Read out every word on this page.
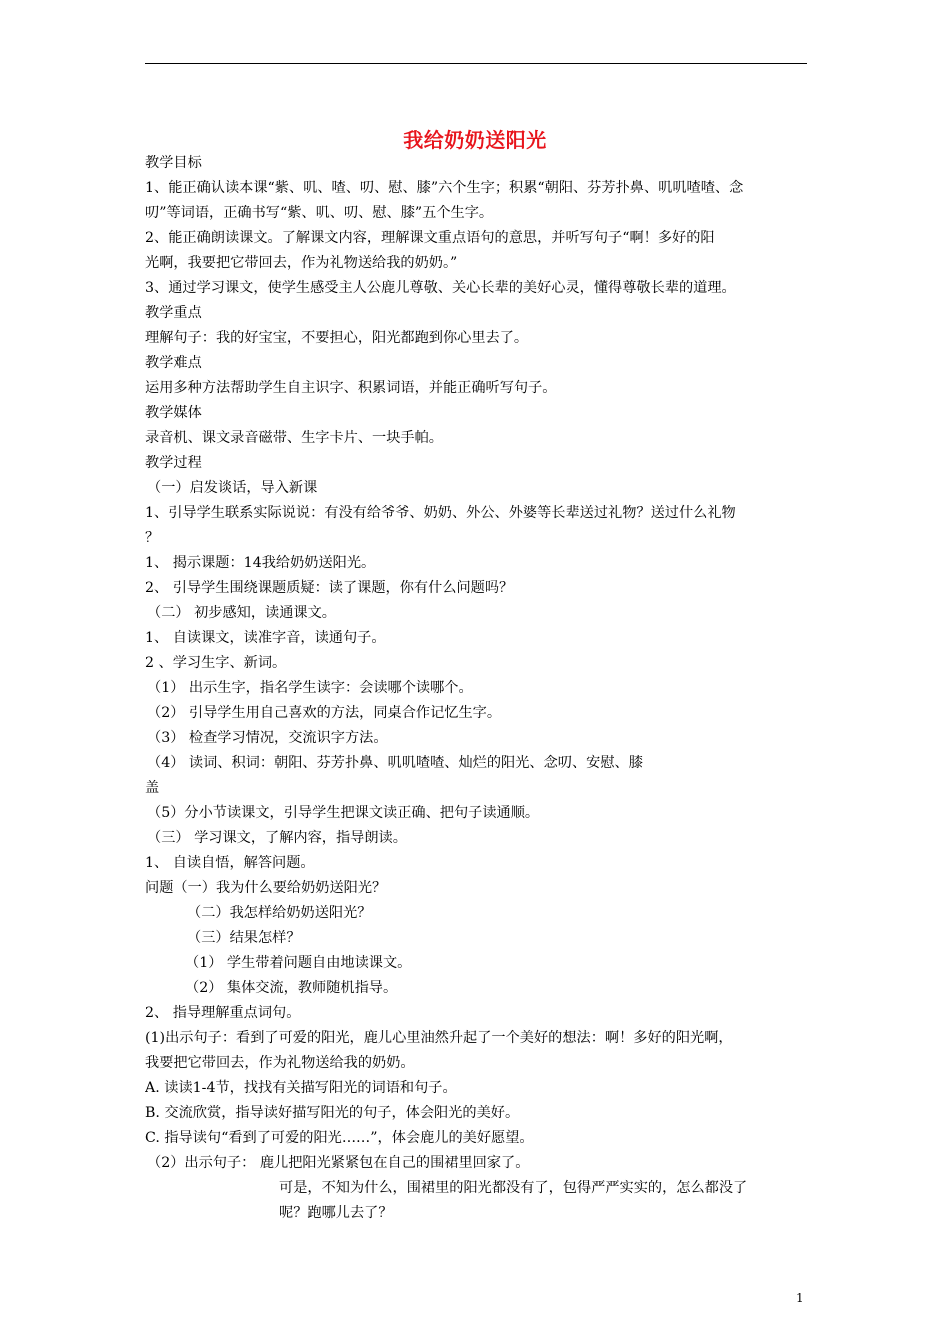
我给奶奶送阳光
教学目标
1、能正确认读本课“紫、叽、喳、叨、慰、膝”六个生字；积累“朝阳、芬芳扑鼻、叽叽喳喳、念
叨”等词语，正确书写“紫、叽、叨、慰、膝”五个生字。
2、能正确朗读课文。了解课文内容，理解课文重点语句的意思，并听写句子“啊！多好的阳
光啊，我要把它带回去，作为礼物送给我的奶奶。”
3、通过学习课文，使学生感受主人公鹿儿尊敬、关心长辈的美好心灵，懂得尊敬长辈的道理。
教学重点
理解句子：我的好宝宝，不要担心，阳光都跑到你心里去了。
教学难点
运用多种方法帮助学生自主识字、积累词语，并能正确听写句子。
教学媒体
录音机、课文录音磁带、生字卡片、一块手帕。
教学过程
（一）启发谈话，导入新课
1、引导学生联系实际说说：有没有给爷爷、奶奶、外公、外婆等长辈送过礼物？送过什么礼物
？
1、 揭示课题：14我给奶奶送阳光。
2、 引导学生围绕课题质疑：读了课题，你有什么问题吗？
（二） 初步感知，读通课文。
1、 自读课文，读准字音，读通句子。
2 、学习生字、新词。
（1） 出示生字，指名学生读字：会读哪个读哪个。
（2） 引导学生用自己喜欢的方法，同桌合作记忆生字。
（3） 检查学习情况，交流识字方法。
（4） 读词、积词：朝阳、芬芳扑鼻、叽叽喳喳、灿烂的阳光、念叨、安慰、膝
盖
（5）分小节读课文，引导学生把课文读正确、把句子读通顺。
（三） 学习课文，了解内容，指导朗读。
1、 自读自悟，解答问题。
问题（一）我为什么要给奶奶送阳光？
（二）我怎样给奶奶送阳光？
（三）结果怎样？
（1） 学生带着问题自由地读课文。
（2） 集体交流，教师随机指导。
2、 指导理解重点词句。
(1)出示句子：看到了可爱的阳光，鹿儿心里油然升起了一个美好的想法：啊！多好的阳光啊，
我要把它带回去，作为礼物送给我的奶奶。
A. 读读1-4节，找找有关描写阳光的词语和句子。
B. 交流欣赏，指导读好描写阳光的句子，体会阳光的美好。
C. 指导读句“看到了可爱的阳光……”，体会鹿儿的美好愿望。
（2）出示句子： 鹿儿把阳光紧紧包在自己的围裙里回家了。
可是，不知为什么，围裙里的阳光都没有了，包得严严实实的，怎么都没了
呢？跑哪儿去了？
1
